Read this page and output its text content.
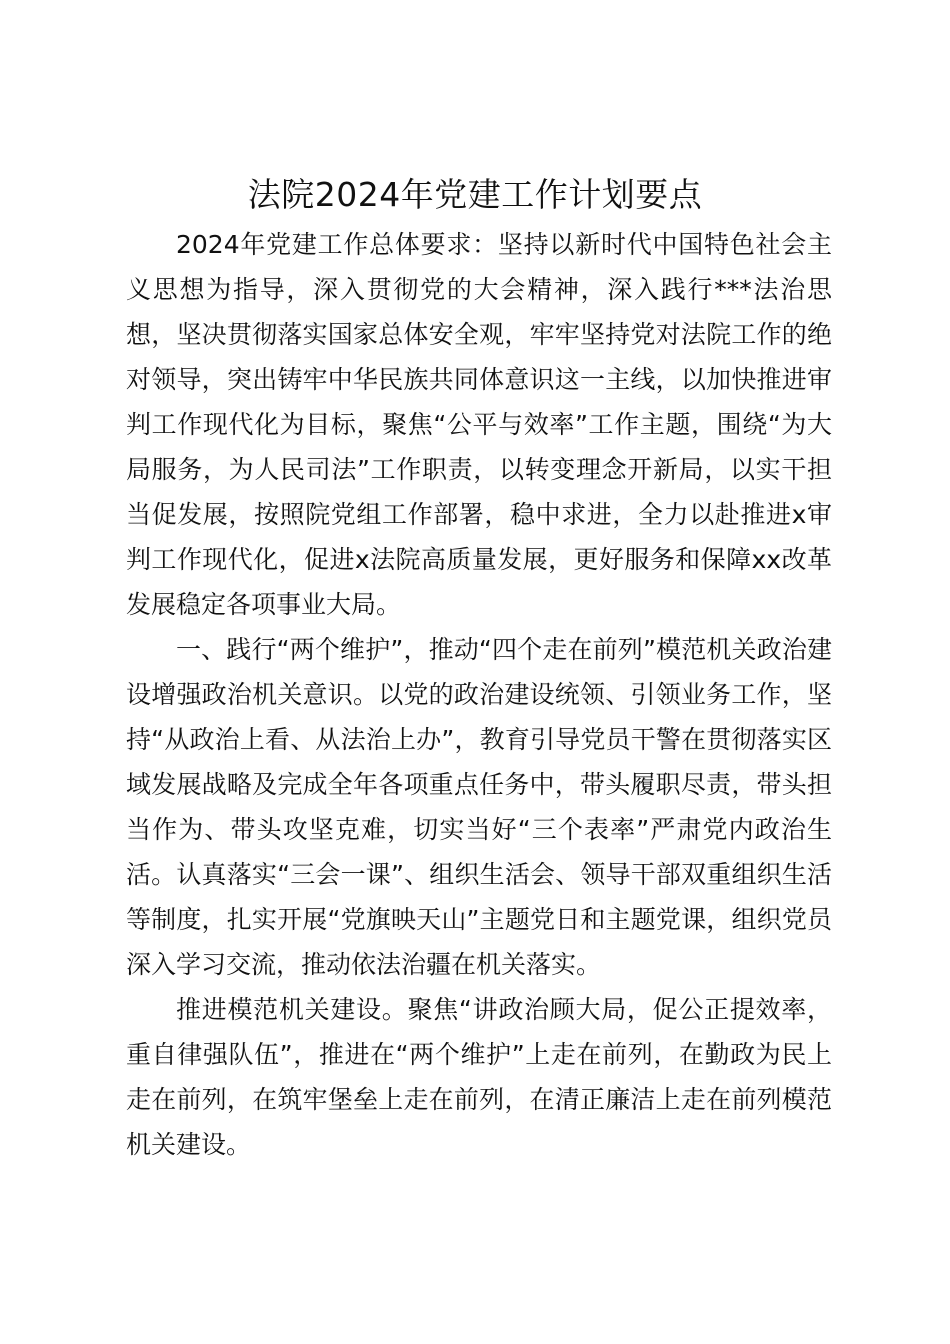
法院2024年党建工作计划要点

2024年党建工作总体要求：坚持以新时代中国特色社会主义思想为指导，深入贯彻党的大会精神，深入践行***法治思想，坚决贯彻落实国家总体安全观，牢牢坚持党对法院工作的绝对领导，突出铸牢中华民族共同体意识这一主线，以加快推进审判工作现代化为目标，聚焦“公平与效率”工作主题，围绕“为大局服务，为人民司法”工作职责，以转变理念开新局，以实干担当促发展，按照院党组工作部署，稳中求进，全力以赴推进x审判工作现代化，促进x法院高质量发展，更好服务和保障xx改革发展稳定各项事业大局。

一、践行“两个维护”，推动“四个走在前列”模范机关政治建设增强政治机关意识。以党的政治建设统领、引领业务工作，坚持“从政治上看、从法治上办”，教育引导党员干警在贯彻落实区域发展战略及完成全年各项重点任务中，带头履职尽责，带头担当作为、带头攻坚克难，切实当好“三个表率”严肃党内政治生活。认真落实“三会一课”、组织生活会、领导干部双重组织生活等制度，扎实开展“党旗映天山”主题党日和主题党课，组织党员深入学习交流，推动依法治疆在机关落实。

推进模范机关建设。聚焦“讲政治顾大局，促公正提效率，重自律强队伍”，推进在“两个维护”上走在前列，在勤政为民上走在前列，在筑牢堡垒上走在前列，在清正廉洁上走在前列模范机关建设。
